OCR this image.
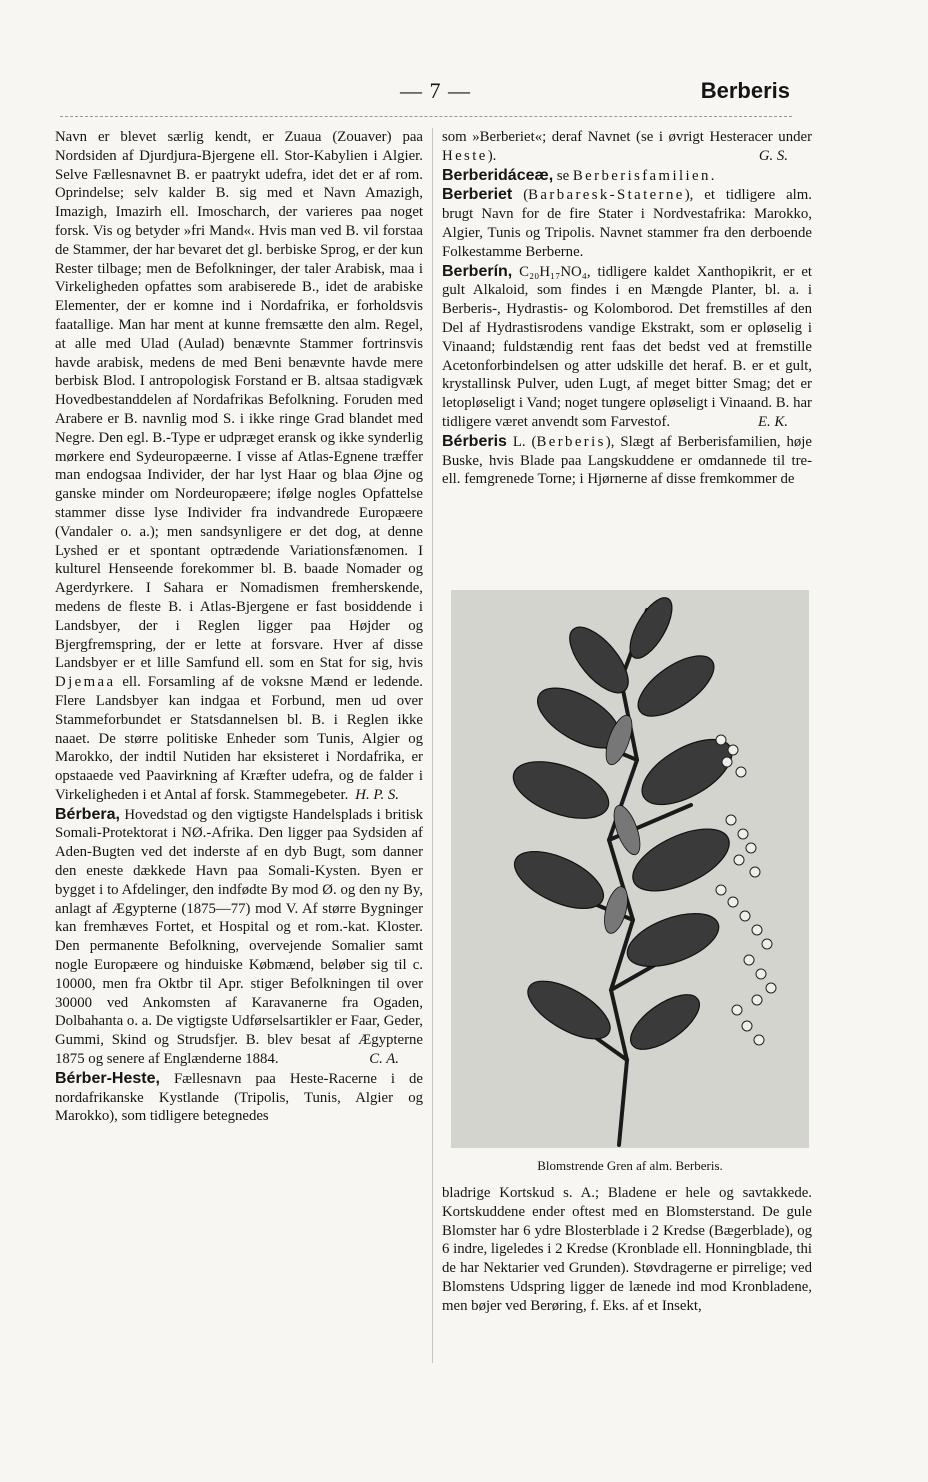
— 7 —	Berberis

Navn er blevet særlig kendt, er Zuaua (Zouaver) paa Nordsiden af Djurdjura-Bjergene ell. Stor-Kabylien i Algier. Selve Fællesnavnet B. er paatrykt udefra, idet det er af rom. Oprindelse; selv kalder B. sig med et Navn Amazigh, Imazigh, Imazirh ell. Imoscharch, der varieres paa noget forsk. Vis og betyder »fri Mand«. Hvis man ved B. vil forstaa de Stammer, der har bevaret det gl. berbiske Sprog, er der kun Rester tilbage; men de Befolkninger, der taler Arabisk, maa i Virkeligheden opfattes som arabiserede B., idet de arabiske Elementer, der er komne ind i Nordafrika, er forholdsvis faatallige. Man har ment at kunne fremsætte den alm. Regel, at alle med Ulad (Aulad) benævnte Stammer fortrinsvis havde arabisk, medens de med Beni benævnte havde mere berbisk Blod. I antropologisk Forstand er B. altsaa stadigvæk Hovedbestanddelen af Nordafrikas Befolkning. Foruden med Arabere er B. navnlig mod S. i ikke ringe Grad blandet med Negre. Den egl. B.-Type er udpræget eransk og ikke synderlig mørkere end Sydeuropæerne. I visse af Atlas-Egnene træffer man endogsaa Individer, der har lyst Haar og blaa Øjne og ganske minder om Nordeuropæere; ifølge nogles Opfattelse stammer disse lyse Individer fra indvandrede Europæere (Vandaler o. a.); men sandsynligere er det dog, at denne Lyshed er et spontant optrædende Variationsfænomen. I kulturel Henseende forekommer bl. B. baade Nomader og Agerdyrkere. I Sahara er Nomadismen fremherskende, medens de fleste B. i Atlas-Bjergene er fast bosiddende i Landsbyer, der i Reglen ligger paa Højder og Bjergfremspring, der er lette at forsvare. Hver af disse Landsbyer er et lille Samfund ell. som en Stat for sig, hvis Djemaa ell. Forsamling af de voksne Mænd er ledende. Flere Landsbyer kan indgaa et Forbund, men ud over Stammeforbundet er Statsdannelsen bl. B. i Reglen ikke naaet. De større politiske Enheder som Tunis, Algier og Marokko, der indtil Nutiden har eksisteret i Nordafrika, er opstaaede ved Paavirkning af Kræfter udefra, og de falder i Virkeligheden i et Antal af forsk. Stammegebeter. H. P. S.

Bérbera, Hovedstad og den vigtigste Handelsplads i britisk Somali-Protektorat i NØ.-Afrika. Den ligger paa Sydsiden af Aden-Bugten ved det inderste af en dyb Bugt, som danner den eneste dækkede Havn paa Somali-Kysten. Byen er bygget i to Afdelinger, den indfødte By mod Ø. og den ny By, anlagt af Ægypterne (1875—77) mod V. Af større Bygninger kan fremhæves Fortet, et Hospital og et rom.-kat. Kloster. Den permanente Befolkning, overvejende Somalier samt nogle Europæere og hinduiske Købmænd, beløber sig til c. 10000, men fra Oktbr til Apr. stiger Befolkningen til over 30000 ved Ankomsten af Karavanerne fra Ogaden, Dolbahanta o. a. De vigtigste Udførselsartikler er Faar, Geder, Gummi, Skind og Strudsfjer. B. blev besat af Ægypterne 1875 og senere af Englænderne 1884.	C. A.

Bérber-Heste, Fællesnavn paa Heste-Racerne i de nordafrikanske Kystlande (Tripolis, Tunis, Algier og Marokko), som tidligere betegnedes

som »Berberiet«; deraf Navnet (se i øvrigt Hesteracer under Heste).	G. S.

Berberidáceæ, se Berberisfamilien.

Berberiet (Barbaresk-Staterne), et tidligere alm. brugt Navn for de fire Stater i Nordvestafrika: Marokko, Algier, Tunis og Tripolis. Navnet stammer fra den derboende Folkestamme Berberne.

Berberín, C₂₀H₁₇NO₄, tidligere kaldet Xanthopikrit, er et gult Alkaloid, som findes i en Mængde Planter, bl. a. i Berberis-, Hydrastis- og Kolomborod. Det fremstilles af den Del af Hydrastisrodens vandige Ekstrakt, som er opløselig i Vinaand; fuldstændig rent faas det bedst ved at fremstille Acetonforbindelsen og atter udskille det heraf. B. er et gult, krystallinsk Pulver, uden Lugt, af meget bitter Smag; det er letopløseligt i Vand; noget tungere opløseligt i Vinaand. B. har tidligere været anvendt som Farvestof.	E. K.

Bérberis L. (Berberis), Slægt af Berberisfamilien, høje Buske, hvis Blade paa Langskuddene er omdannede til tre- ell. femgrenede Torne; i Hjørnerne af disse fremkommer de

Blomstrende Gren af alm. Berberis.

bladrige Kortskud s. A.; Bladene er hele og savtakkede. Kortskuddene ender oftest med en Blomsterstand. De gule Blomster har 6 ydre Blosterblade i 2 Kredse (Bægerblade), og 6 indre, ligeledes i 2 Kredse (Kronblade ell. Honningblade, thi de har Nektarier ved Grunden). Støvdragerne er pirrelige; ved Blomstens Udspring ligger de lænede ind mod Kronbladene, men bøjer ved Berøring, f. Eks. af et Insekt,
